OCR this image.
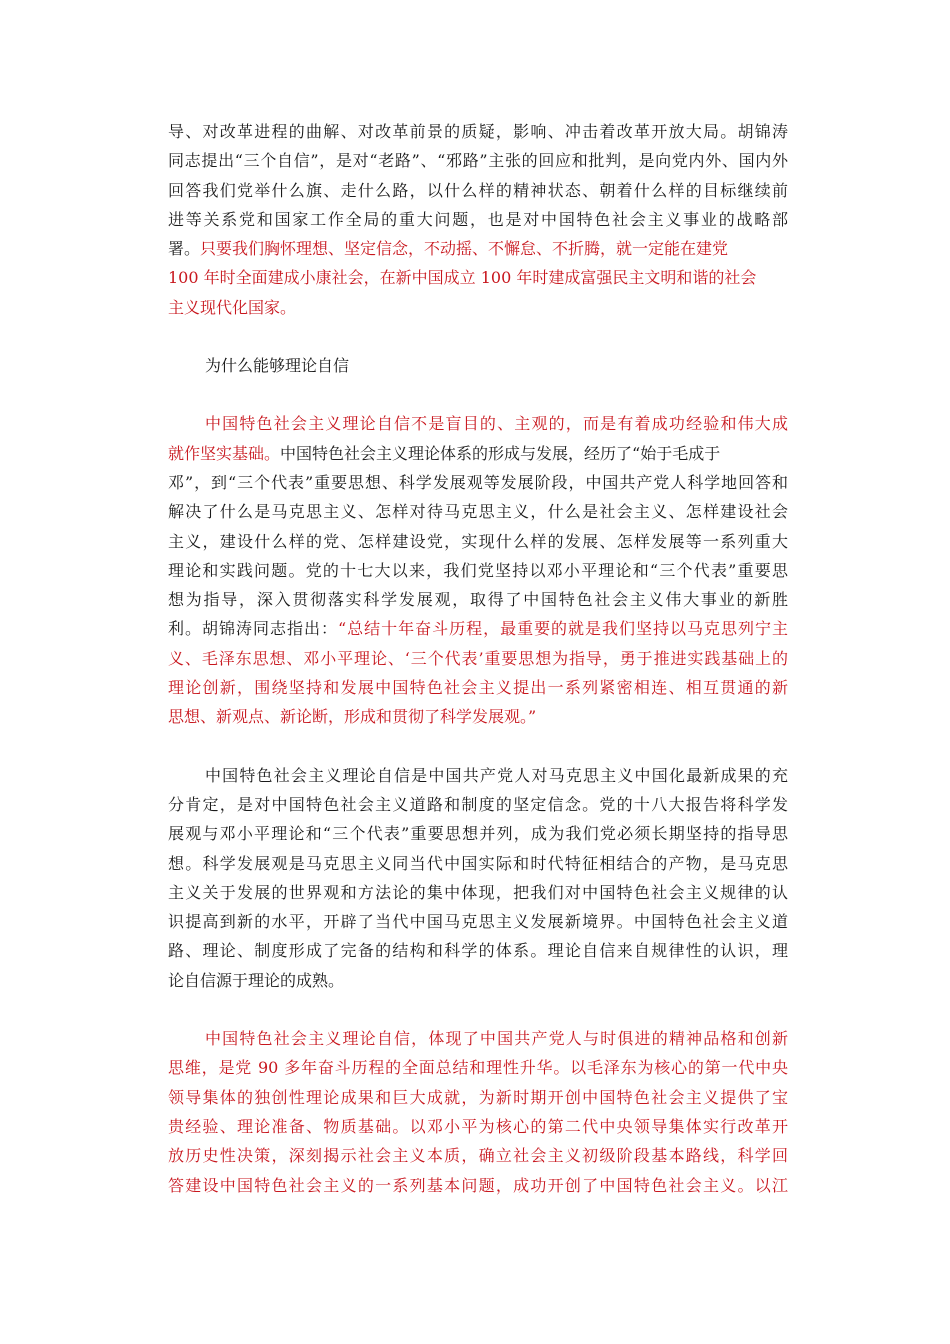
导、对改革进程的曲解、对改革前景的质疑，影响、冲击着改革开放大局。胡锦涛
同志提出“三个自信”，是对“老路”、“邪路”主张的回应和批判，是向党内外、国内外
回答我们党举什么旗、走什么路，以什么样的精神状态、朝着什么样的目标继续前
进等关系党和国家工作全局的重大问题，也是对中国特色社会主义事业的战略部
署。只要我们胸怀理想、坚定信念，不动摇、不懈怠、不折腾，就一定能在建党
100 年时全面建成小康社会，在新中国成立 100 年时建成富强民主文明和谐的社会
主义现代化国家。
为什么能够理论自信
中国特色社会主义理论自信不是盲目的、主观的，而是有着成功经验和伟大成
就作坚实基础。中国特色社会主义理论体系的形成与发展，经历了“始于毛成于
邓”，到“三个代表”重要思想、科学发展观等发展阶段，中国共产党人科学地回答和
解决了什么是马克思主义、怎样对待马克思主义，什么是社会主义、怎样建设社会
主义，建设什么样的党、怎样建设党，实现什么样的发展、怎样发展等一系列重大
理论和实践问题。党的十七大以来，我们党坚持以邓小平理论和“三个代表”重要思
想为指导，深入贯彻落实科学发展观，取得了中国特色社会主义伟大事业的新胜
利。胡锦涛同志指出：“总结十年奋斗历程，最重要的就是我们坚持以马克思列宁主
义、毛泽东思想、邓小平理论、‘三个代表’重要思想为指导，勇于推进实践基础上的
理论创新，围绕坚持和发展中国特色社会主义提出一系列紧密相连、相互贯通的新
思想、新观点、新论断，形成和贯彻了科学发展观。”
中国特色社会主义理论自信是中国共产党人对马克思主义中国化最新成果的充
分肯定，是对中国特色社会主义道路和制度的坚定信念。党的十八大报告将科学发
展观与邓小平理论和“三个代表”重要思想并列，成为我们党必须长期坚持的指导思
想。科学发展观是马克思主义同当代中国实际和时代特征相结合的产物，是马克思
主义关于发展的世界观和方法论的集中体现，把我们对中国特色社会主义规律的认
识提高到新的水平，开辟了当代中国马克思主义发展新境界。中国特色社会主义道
路、理论、制度形成了完备的结构和科学的体系。理论自信来自规律性的认识，理
论自信源于理论的成熟。
中国特色社会主义理论自信，体现了中国共产党人与时俱进的精神品格和创新
思维，是党 90 多年奋斗历程的全面总结和理性升华。以毛泽东为核心的第一代中央
领导集体的独创性理论成果和巨大成就，为新时期开创中国特色社会主义提供了宝
贵经验、理论准备、物质基础。以邓小平为核心的第二代中央领导集体实行改革开
放历史性决策，深刻揭示社会主义本质，确立社会主义初级阶段基本路线，科学回
答建设中国特色社会主义的一系列基本问题，成功开创了中国特色社会主义。以江
